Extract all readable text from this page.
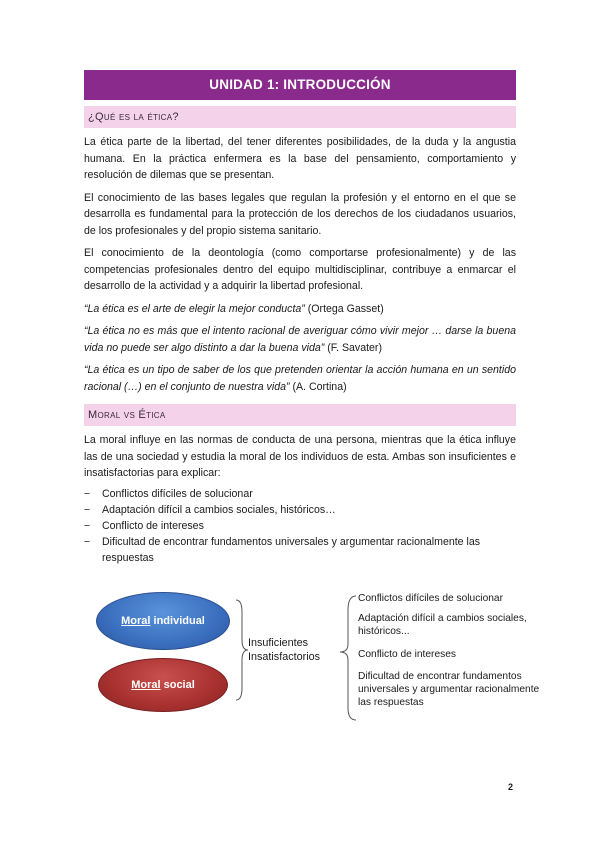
UNIDAD 1: INTRODUCCIÓN
¿Qué es la ética?

La ética parte de la libertad, del tener diferentes posibilidades, de la duda y la angustia humana. En la práctica enfermera es la base del pensamiento, comportamiento y resolución de dilemas que se presentan.

El conocimiento de las bases legales que regulan la profesión y el entorno en el que se desarrolla es fundamental para la protección de los derechos de los ciudadanos usuarios, de los profesionales y del propio sistema sanitario.

El conocimiento de la deontología (como comportarse profesionalmente) y de las competencias profesionales dentro del equipo multidisciplinar, contribuye a enmarcar el desarrollo de la actividad y a adquirir la libertad profesional.

“La ética es el arte de elegir la mejor conducta” (Ortega Gasset)

“La ética no es más que el intento racional de averiguar cómo vivir mejor … darse la buena vida no puede ser algo distinto a dar la buena vida” (F. Savater)

“La ética es un tipo de saber de los que pretenden orientar la acción humana en un sentido racional (…) en el conjunto de nuestra vida” (A. Cortina)

Moral vs Ética

La moral influye en las normas de conducta de una persona, mientras que la ética influye las de una sociedad y estudia la moral de los individuos de esta. Ambas son insuficientes e insatisfactorias para explicar:

− Conflictos difíciles de solucionar
− Adaptación difícil a cambios sociales, históricos…
− Conflicto de intereses
− Dificultad de encontrar fundamentos universales y argumentar racionalmente las respuestas
Moral individual
Moral social
Insuficientes
Insatisfactorios
Conflictos difíciles de solucionar
Adaptación difícil a cambios sociales, históricos...
Conflicto de intereses
Dificultad de encontrar fundamentos universales y argumentar racionalmente las respuestas
2
